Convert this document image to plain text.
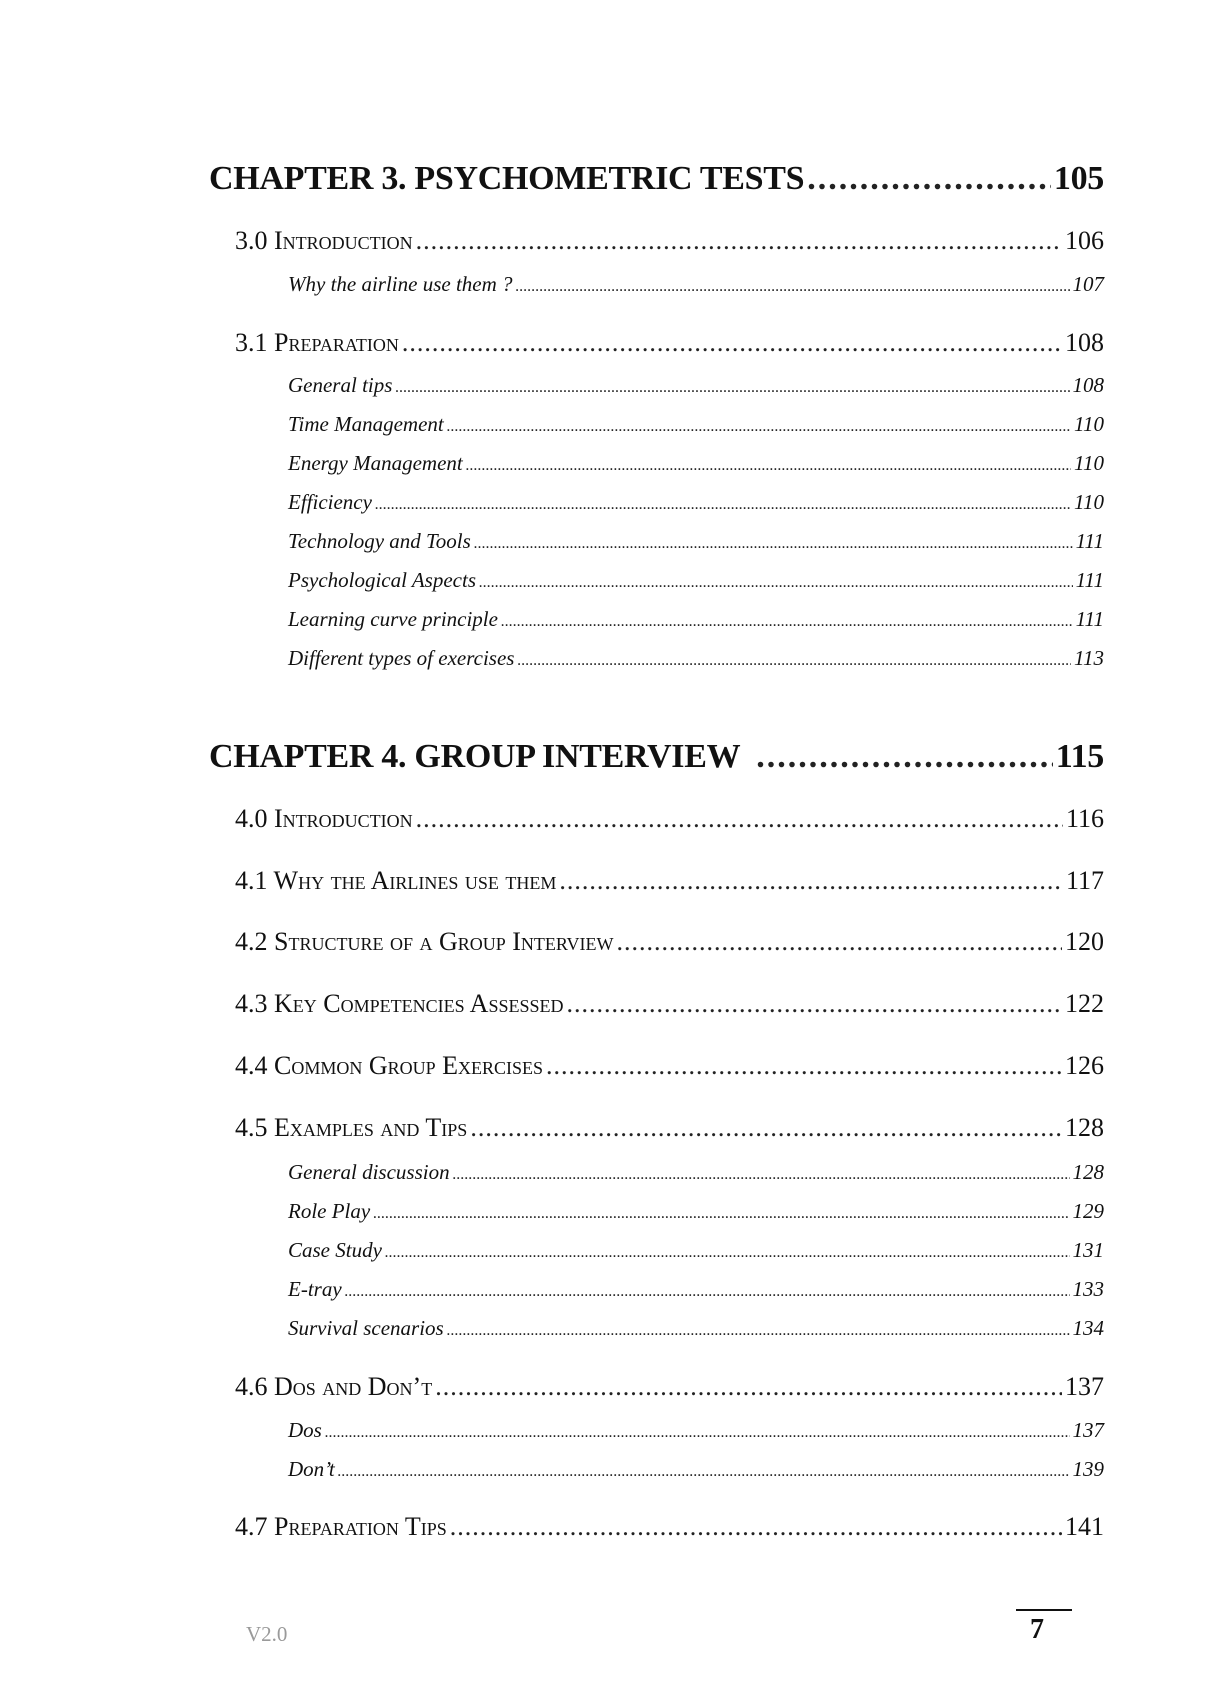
CHAPTER 3. PSYCHOMETRIC TESTS .....	105
3.0 Introduction .....	106
Why the airline use them ? .....	107
3.1 Preparation .....	108
General tips .....	108
Time Management .....	110
Energy Management .....	110
Efficiency .....	110
Technology and Tools .....	111
Psychological Aspects .....	111
Learning curve principle .....	111
Different types of exercises .....	113
CHAPTER 4. GROUP INTERVIEW .....	115
4.0 Introduction .....	116
4.1 Why the Airlines use them .....	117
4.2 Structure of a Group Interview .....	120
4.3 Key Competencies Assessed .....	122
4.4 Common Group Exercises .....	126
4.5 Examples and Tips .....	128
General discussion .....	128
Role Play .....	129
Case Study .....	131
E-tray .....	133
Survival scenarios .....	134
4.6 Dos and Don’t .....	137
Dos .....	137
Don’t .....	139
4.7 Preparation Tips .....	141
V2.0	7
